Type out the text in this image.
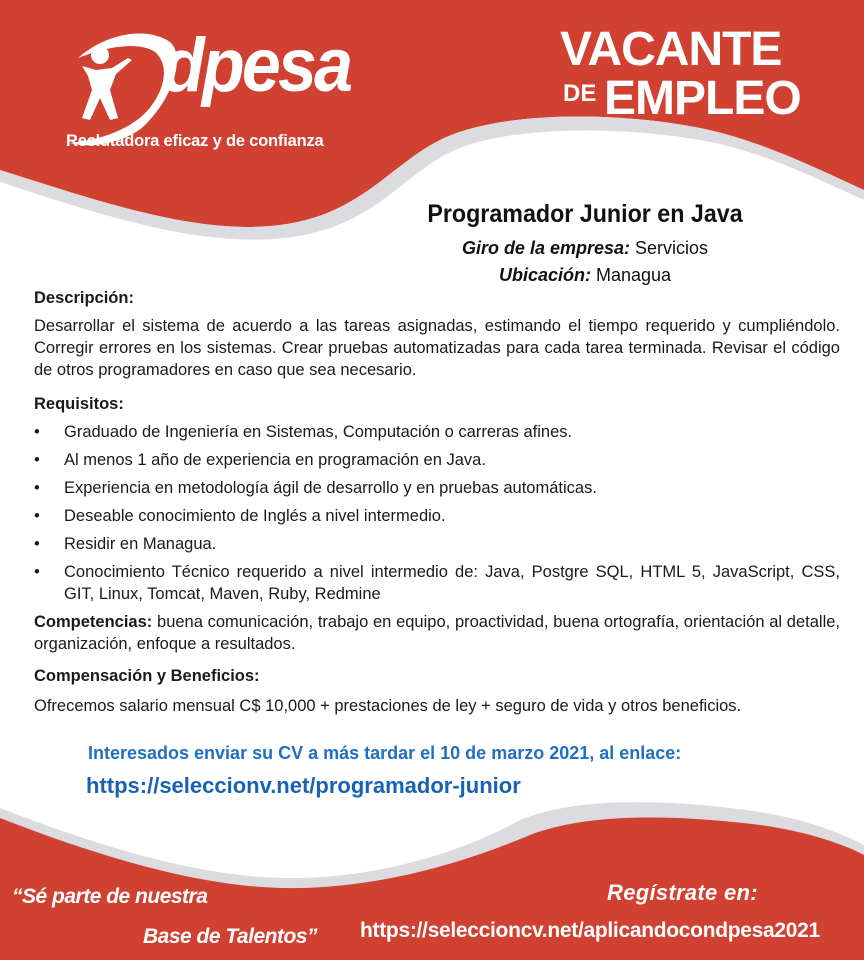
dpesa
Reclutadora eficaz y de confianza
VACANTE
DE EMPLEO
Programador Junior en Java
Giro de la empresa: Servicios
Ubicación: Managua

Descripción:

Desarrollar el sistema de acuerdo a las tareas asignadas, estimando el tiempo requerido y cumpliéndolo. Corregir errores en los sistemas. Crear pruebas automatizadas para cada tarea terminada. Revisar el código de otros programadores en caso que sea necesario.

Requisitos:

• Graduado de Ingeniería en Sistemas, Computación o carreras afines.
• Al menos 1 año de experiencia en programación en Java.
• Experiencia en metodología ágil de desarrollo y en pruebas automáticas.
• Deseable conocimiento de Inglés a nivel intermedio.
• Residir en Managua.
• Conocimiento Técnico requerido a nivel intermedio de: Java, Postgre SQL, HTML 5, JavaScript, CSS, GIT, Linux, Tomcat, Maven, Ruby, Redmine

Competencias: buena comunicación, trabajo en equipo, proactividad, buena ortografía, orientación al detalle, organización, enfoque a resultados.

Compensación y Beneficios:

Ofrecemos salario mensual C$ 10,000 + prestaciones de ley + seguro de vida y otros beneficios.

Interesados enviar su CV a más tardar el 10 de marzo 2021, al enlace:
https://seleccionv.net/programador-junior
“Sé parte de nuestra
Base de Talentos”
Regístrate en:
https://seleccioncv.net/aplicandocondpesa2021
